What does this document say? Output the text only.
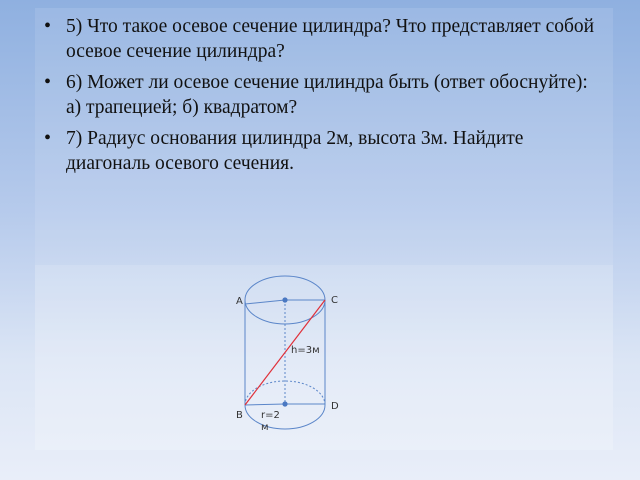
• 5) Что такое осевое сечение цилиндра? Что представляет собой осевое сечение цилиндра?
• 6) Может ли осевое сечение цилиндра быть (ответ обоснуйте): а) трапецией; б) квадратом?
• 7) Радиус основания цилиндра 2м, высота 3м. Найдите диагональ осевого сечения.
A	C
D
B
h=3м
r=2
м
